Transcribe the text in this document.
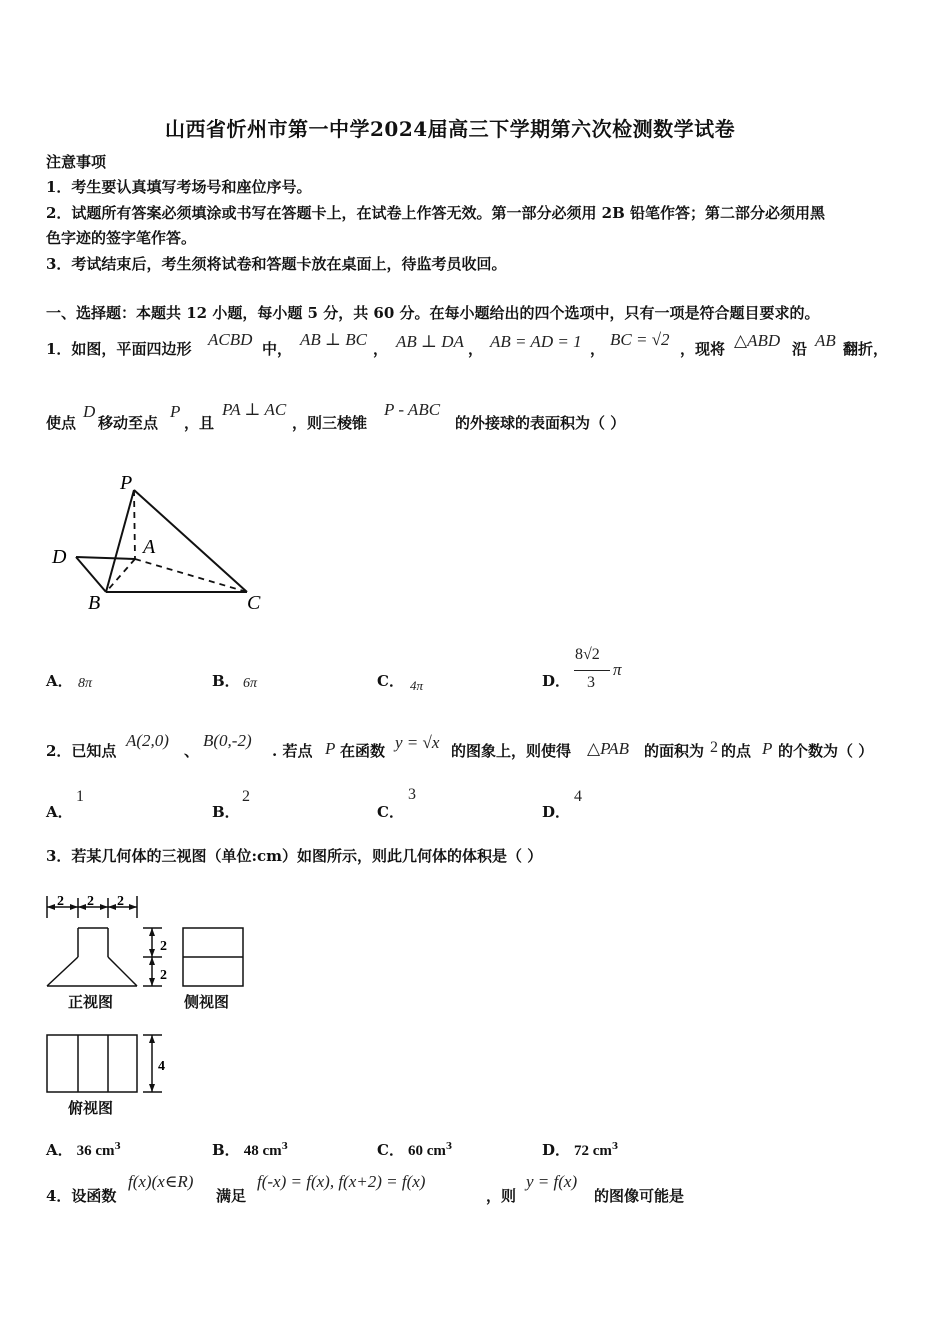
山西省忻州市第一中学2024届高三下学期第六次检测数学试卷
注意事项
1．考生要认真填写考场号和座位序号。
2．试题所有答案必须填涂或书写在答题卡上，在试卷上作答无效。第一部分必须用 2B 铅笔作答；第二部分必须用黑
色字迹的签字笔作答。
3．考试结束后，考生须将试卷和答题卡放在桌面上，待监考员收回。
一、选择题：本题共 12 小题，每小题 5 分，共 60 分。在每小题给出的四个选项中，只有一项是符合题目要求的。
1．如图，平面四边形 ACBD 中， AB ⊥ BC ， AB ⊥ DA ， AB = AD = 1 ， BC = √2 ，现将 △ABD 沿 AB 翻折，
使点
D
移动至点
P
，且
PA ⊥ AC
，则三棱锥
P - ABC
的外接球的表面积为（ ）
P
A
D
B	C
A． 8π	B． 6π	C． 4π	D．
8√2
3
π
2．已知点
A(2,0)
、
B(0,-2)
. 若点 P 在函数 y = √x 的图象上，则使得 △PAB 的面积为 2 的点 P 的个数为（ ）
A．
1
B．
2
C．
3
D．
4
3．若某几何体的三视图（单位:cm）如图所示，则此几何体的体积是（ ）
2 2 2
2
2
4
正视图	侧视图
俯视图
A． 36 $cm^3$	B． 48 $cm^3$	C． 60 $cm^3$	D． 72 $cm^3$
4．设函数
f(x)(x∈R)
满足
f(-x) = f(x), f(x+2) = f(x)
，则
y = f(x)
的图像可能是
